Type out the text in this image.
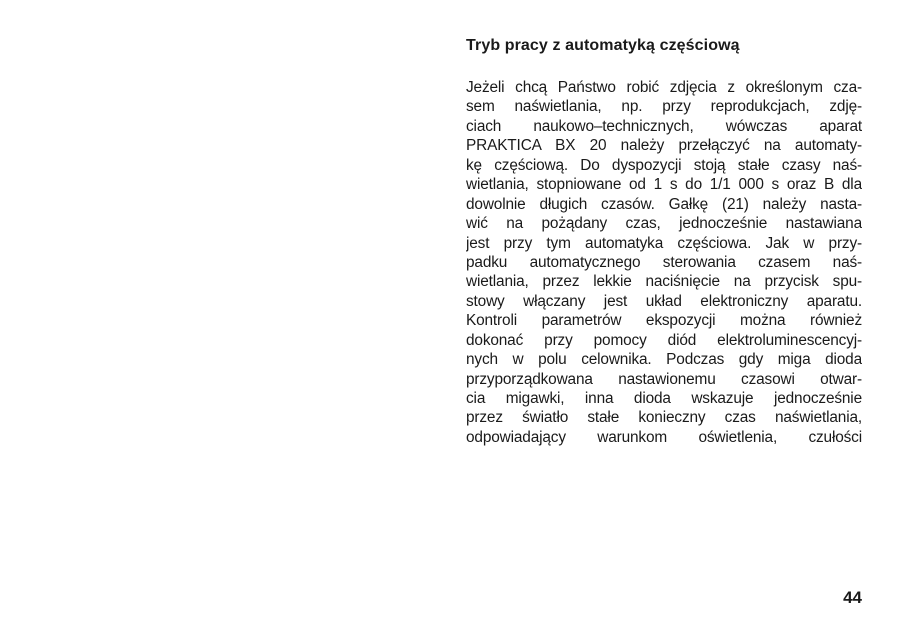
Tryb pracy z automatyką częściową
Jeżeli chcą Państwo robić zdjęcia z określonym cza-
sem naświetlania, np. przy reprodukcjach, zdję-
ciach naukowo–technicznych, wówczas aparat
PRAKTICA BX 20 należy przełączyć na automaty-
kę częściową. Do dyspozycji stoją stałe czasy naś-
wietlania, stopniowane od 1 s do 1/1 000 s oraz B dla
dowolnie długich czasów. Gałkę (21) należy nasta-
wić na pożądany czas, jednocześnie nastawiana
jest przy tym automatyka częściowa. Jak w przy-
padku automatycznego sterowania czasem naś-
wietlania, przez lekkie naciśnięcie na przycisk spu-
stowy włączany jest układ elektroniczny aparatu.
Kontroli parametrów ekspozycji można również
dokonać przy pomocy diód elektroluminescencyj-
nych w polu celownika. Podczas gdy miga dioda
przyporządkowana nastawionemu czasowi otwar-
cia migawki, inna dioda wskazuje jednocześnie
przez światło stałe konieczny czas naświetlania,
odpowiadający warunkom oświetlenia, czułości
44
